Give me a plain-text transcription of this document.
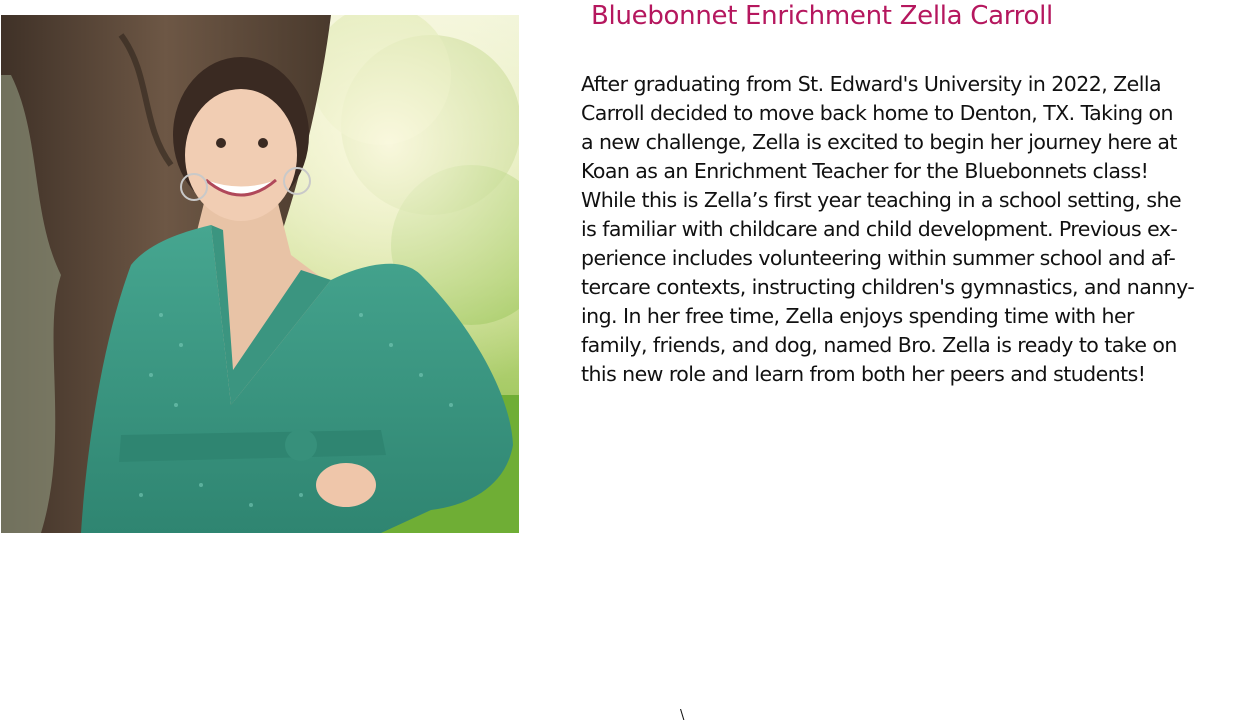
Bluebonnet Enrichment Zella Carroll
After graduating from St. Edward's University in 2022, Zella
Carroll decided to move back home to Denton, TX. Taking on
a new challenge, Zella is excited to begin her journey here at
Koan as an Enrichment Teacher for the Bluebonnets class!
While this is Zella’s first year teaching in a school setting, she
is familiar with childcare and child development. Previous ex-
perience includes volunteering within summer school and af-
tercare contexts, instructing children's gymnastics, and nanny-
ing. In her free time, Zella enjoys spending time with her
family, friends, and dog, named Bro. Zella is ready to take on
this new role and learn from both her peers and students!
\
